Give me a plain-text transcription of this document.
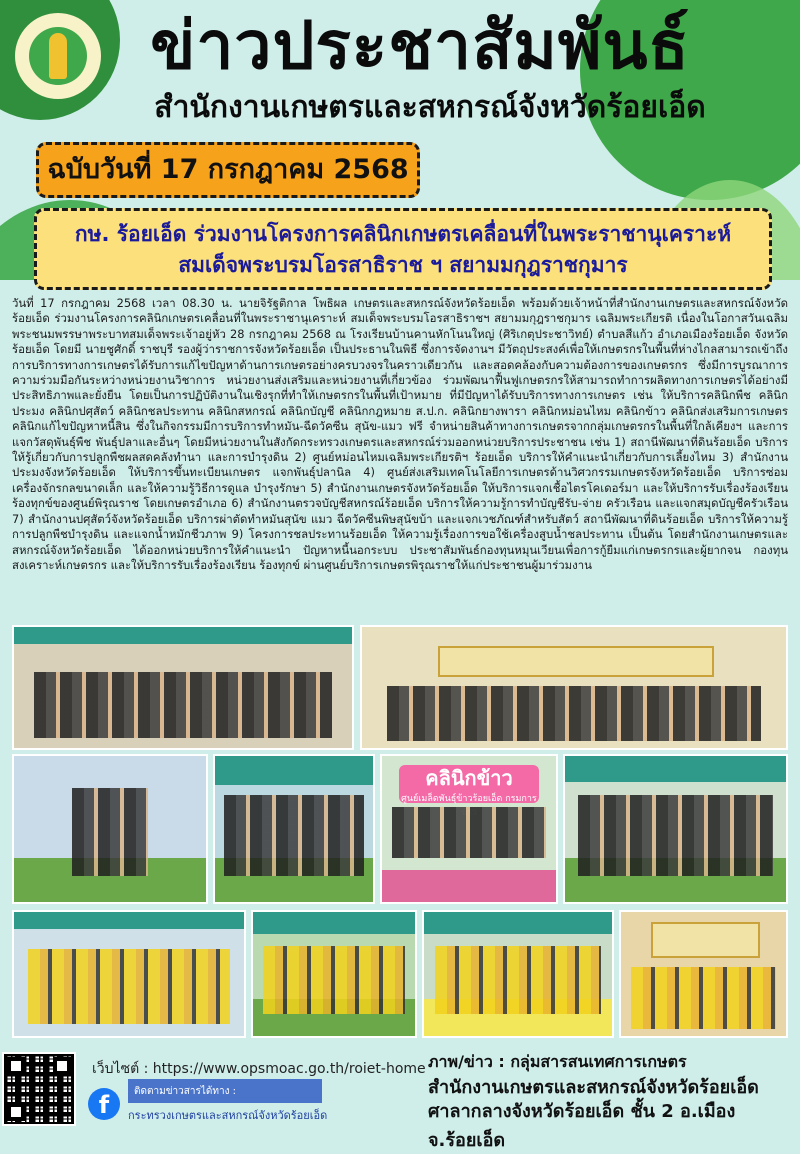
ข่าวประชาสัมพันธ์
สำนักงานเกษตรและสหกรณ์จังหวัดร้อยเอ็ด
ฉบับวันที่ 17 กรกฎาคม 2568
กษ. ร้อยเอ็ด ร่วมงานโครงการคลินิกเกษตรเคลื่อนที่ในพระราชานุเคราะห์
สมเด็จพระบรมโอรสาธิราช ฯ สยามมกุฎราชกุมาร
วันที่ 17 กรกฎาคม 2568 เวลา 08.30 น. นายจิรัฐติกาล โพธิผล เกษตรและสหกรณ์จังหวัดร้อยเอ็ด พร้อมด้วยเจ้าหน้าที่สำนักงานเกษตรและสหกรณ์จังหวัดร้อยเอ็ด ร่วมงานโครงการคลินิกเกษตรเคลื่อนที่ในพระราชานุเคราะห์ สมเด็จพระบรมโอรสาธิราชฯ สยามมกุฎราชกุมาร เฉลิมพระเกียรติ เนื่องในโอกาสวันเฉลิมพระชนมพรรษาพระบาทสมเด็จพระเจ้าอยู่หัว 28 กรกฎาคม 2568 ณ โรงเรียนบ้านคานหักโนนใหญ่ (ศิริเกตุประชาวิทย์) ตำบลสีแก้ว อำเภอเมืองร้อยเอ็ด จังหวัดร้อยเอ็ด โดยมี นายชูศักดิ์ ราชบุรี รองผู้ว่าราชการจังหวัดร้อยเอ็ด เป็นประธานในพิธี ซึ่งการจัดงานฯ มีวัตถุประสงค์เพื่อให้เกษตรกรในพื้นที่ห่างไกลสามารถเข้าถึงการบริการทางการเกษตรได้รับการแก้ไขปัญหาด้านการเกษตรอย่างครบวงจรในคราวเดียวกัน และสอดคล้องกับความต้องการของเกษตรกร ซึ่งมีการบูรณาการความร่วมมือกันระหว่างหน่วยงานวิชาการ หน่วยงานส่งเสริมและหน่วยงานที่เกี่ยวข้อง ร่วมพัฒนาฟื้นฟูเกษตรกรให้สามารถทำการผลิตทางการเกษตรได้อย่างมีประสิทธิภาพและยั่งยืน โดยเป็นการปฏิบัติงานในเชิงรุกที่ทำให้เกษตรกรในพื้นที่เป้าหมาย ที่มีปัญหาได้รับบริการทางการเกษตร เช่น ให้บริการคลินิกพืช คลินิกประมง คลินิกปศุสัตว์ คลินิกชลประทาน คลินิกสหกรณ์ คลินิกบัญชี คลินิกกฎหมาย ส.ป.ก. คลินิกยางพารา คลินิกหม่อนไหม คลินิกข้าว คลินิกส่งเสริมการเกษตร คลินิกแก้ไขปัญหาหนี้สิน ซึ่งในกิจกรรมมีการบริการทำหมัน-ฉีดวัคซีน สุนัข-แมว ฟรี จำหน่ายสินค้าทางการเกษตรจากกลุ่มเกษตรกรในพื้นที่ใกล้เคียงฯ และการแจกวัสดุพันธุ์พืช พันธุ์ปลาและอื่นๆ โดยมีหน่วยงานในสังกัดกระทรวงเกษตรและสหกรณ์ร่วมออกหน่วยบริการประชาชน เช่น 1) สถานีพัฒนาที่ดินร้อยเอ็ด บริการให้รู้เกี่ยวกับการปลูกพืชผลสดคลังทำนา และการบำรุงดิน 2) ศูนย์หม่อนไหมเฉลิมพระเกียรติฯ ร้อยเอ็ด บริการให้คำแนะนำเกี่ยวกับการเลี้ยงไหม 3) สำนักงานประมงจังหวัดร้อยเอ็ด ให้บริการขึ้นทะเบียนเกษตร แจกพันธุ์ปลานิล 4) ศูนย์ส่งเสริมเทคโนโลยีการเกษตรด้านวิศวกรรมเกษตรจังหวัดร้อยเอ็ด บริการซ่อมเครื่องจักรกลขนาดเล็ก และให้ความรู้วิธีการดูแล บำรุงรักษา 5) สำนักงานเกษตรจังหวัดร้อยเอ็ด ให้บริการแจกเชื้อไตรโคเดอร์มา และให้บริการรับเรื่องร้องเรียน ร้องทุกข์ของศูนย์พิรุณราช โดยเกษตรอำเภอ 6) สำนักงานตรวจบัญชีสหกรณ์ร้อยเอ็ด บริการให้ความรู้การทำบัญชีรับ-จ่าย ครัวเรือน และแจกสมุดบัญชีครัวเรือน 7) สำนักงานปศุสัตว์จังหวัดร้อยเอ็ด บริการผ่าตัดทำหมันสุนัข แมว ฉีดวัคซีนพิษสุนัขบ้า และแจกเวชภัณฑ์สำหรับสัตว์ สถานีพัฒนาที่ดินร้อยเอ็ด บริการให้ความรู้การปลูกพืชบำรุงดิน และแจกน้ำหมักชีวภาพ 9) โครงการชลประทานร้อยเอ็ด ให้ความรู้เรื่องการขอใช้เครื่องสูบน้ำชลประทาน เป็นต้น โดยสำนักงานเกษตรและสหกรณ์จังหวัดร้อยเอ็ด ได้ออกหน่วยบริการให้คำแนะนำ ปัญหาหนี้นอกระบบ ประชาสัมพันธ์กองทุนหมุนเวียนเพื่อการกู้ยืมแก่เกษตรกรและผู้ยากจน กองทุนสงเคราะห์เกษตรกร และให้บริการรับเรื่องร้องเรียน ร้องทุกข์ ผ่านศูนย์บริการเกษตรพิรุณราชให้แก่ประชาชนผู้มาร่วมงาน
คลินิกข้าว
ศูนย์เมล็ดพันธุ์ข้าวร้อยเอ็ด กรมการ
เว็บไซต์ : https://www.opsmoac.go.th/roiet-home
f	ติดตามข่าวสารได้ทาง :
กระทรวงเกษตรและสหกรณ์จังหวัดร้อยเอ็ด
ภาพ/ข่าว : กลุ่มสารสนเทศการเกษตร
สำนักงานเกษตรและสหกรณ์จังหวัดร้อยเอ็ด
ศาลากลางจังหวัดร้อยเอ็ด ชั้น 2 อ.เมือง จ.ร้อยเอ็ด
